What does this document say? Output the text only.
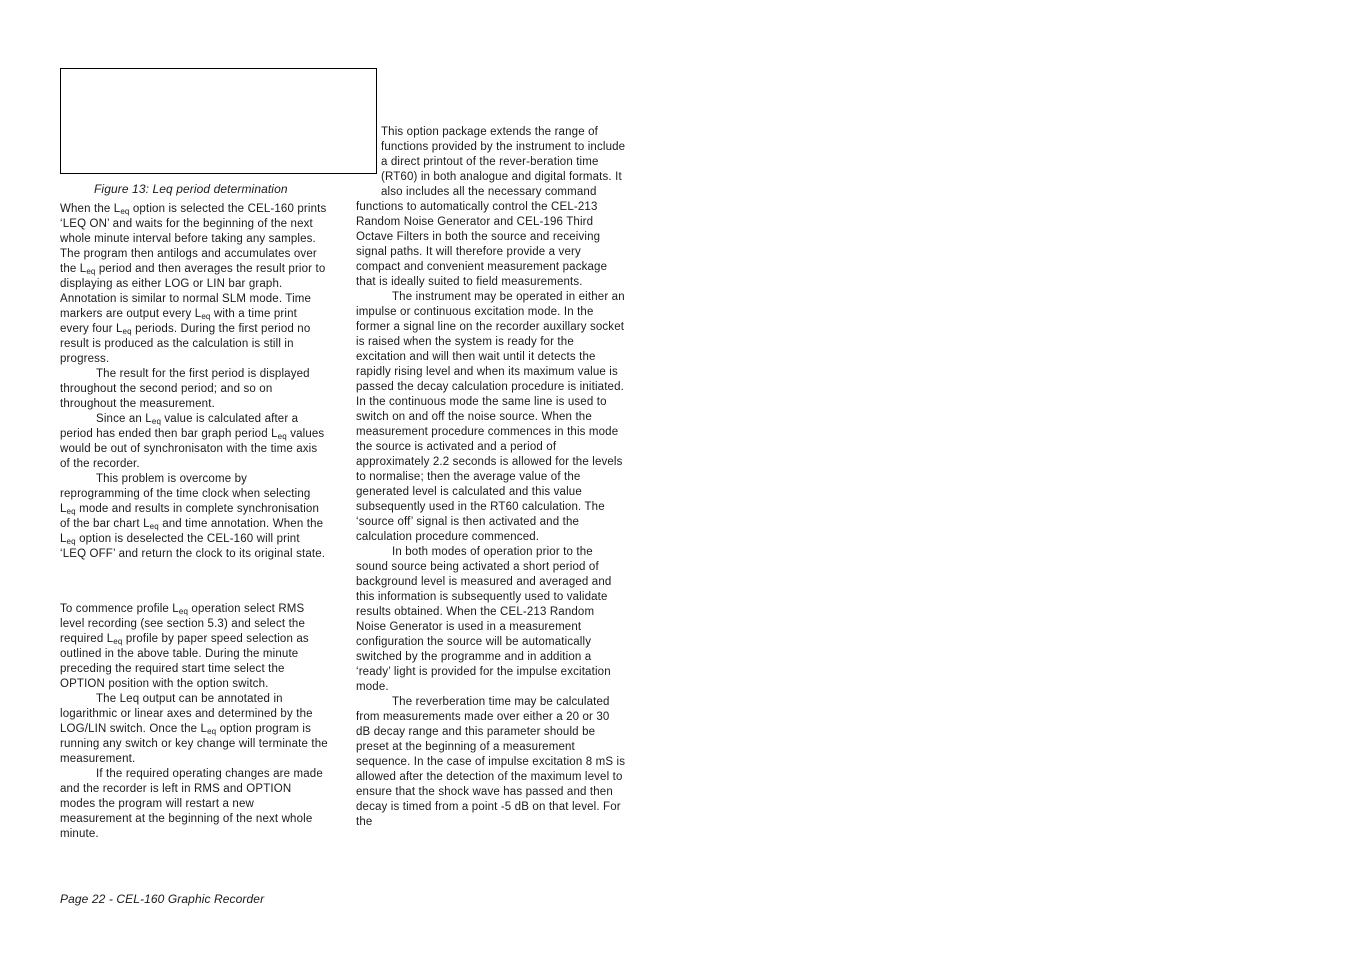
Figure 13: Leq period determination

When the $L_{eq}$ option is selected the CEL-160 prints ‘LEQ ON’ and waits for the beginning of the next whole minute interval before taking any samples. The program then antilogs and accumulates over the $L_{eq}$ period and then averages the result prior to displaying as either LOG or LIN bar graph. Annotation is similar to normal SLM mode. Time markers are output every $L_{eq}$ with a time print every four $L_{eq}$ periods. During the first period no result is produced as the calculation is still in progress.

The result for the first period is displayed throughout the second period; and so on throughout the measurement.

Since an $L_{eq}$ value is calculated after a period has ended then bar graph period $L_{eq}$ values would be out of synchronisaton with the time axis of the recorder.

This problem is overcome by reprogramming of the time clock when selecting $L_{eq}$ mode and results in complete synchronisation of the bar chart $L_{eq}$ and time annotation. When the $L_{eq}$ option is deselected the CEL-160 will print ‘LEQ OFF’ and return the clock to its original state.

To commence profile $L_{eq}$ operation select RMS level recording (see section 5.3) and select the required $L_{eq}$ profile by paper speed selection as outlined in the above table. During the minute preceding the required start time select the OPTION position with the option switch.

The Leq output can be annotated in logarithmic or linear axes and determined by the LOG/LIN switch. Once the $L_{eq}$ option program is running any switch or key change will terminate the measurement.

If the required operating changes are made and the recorder is left in RMS and OPTION modes the program will restart a new measurement at the beginning of the next whole minute.

This option package extends the range of functions provided by the instrument to include a direct printout of the rever-beration time (RT60) in both analogue and digital formats. It also includes all the necessary command functions to automatically control the CEL-213 Random Noise Generator and CEL-196 Third Octave Filters in both the source and receiving signal paths. It will therefore provide a very compact and convenient measurement package that is ideally suited to field measurements.

The instrument may be operated in either an impulse or continuous excitation mode. In the former a signal line on the recorder auxillary socket is raised when the system is ready for the excitation and will then wait until it detects the rapidly rising level and when its maximum value is passed the decay calculation procedure is initiated. In the continuous mode the same line is used to switch on and off the noise source. When the measurement procedure commences in this mode the source is activated and a period of approximately 2.2 seconds is allowed for the levels to normalise; then the average value of the generated level is calculated and this value subsequently used in the RT60 calculation. The ‘source off’ signal is then activated and the calculation procedure commenced.

In both modes of operation prior to the sound source being activated a short period of background level is measured and averaged and this information is subsequently used to validate results obtained. When the CEL-213 Random Noise Generator is used in a measurement configuration the source will be automatically switched by the programme and in addition a ‘ready’ light is provided for the impulse excitation mode.

The reverberation time may be calculated from measurements made over either a 20 or 30 dB decay range and this parameter should be preset at the beginning of a measurement sequence. In the case of impulse excitation 8 mS is allowed after the detection of the maximum level to ensure that the shock wave has passed and then decay is timed from a point -5 dB on that level. For the

Page 22 - CEL-160 Graphic Recorder
